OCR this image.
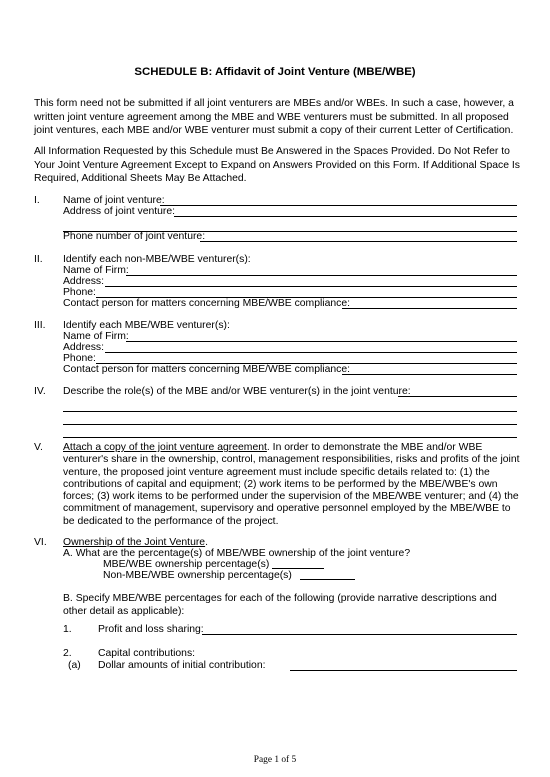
SCHEDULE B: Affidavit of Joint Venture (MBE/WBE)
This form need not be submitted if all joint venturers are MBEs and/or WBEs. In such a case, however, a written joint venture agreement among the MBE and WBE venturers must be submitted. In all proposed joint ventures, each MBE and/or WBE venturer must submit a copy of their current Letter of Certification.
All Information Requested by this Schedule must Be Answered in the Spaces Provided. Do Not Refer to Your Joint Venture Agreement Except to Expand on Answers Provided on this Form. If Additional Space Is Required, Additional Sheets May Be Attached.
I. Name of joint venture:
Address of joint venture:
Phone number of joint venture:
II. Identify each non-MBE/WBE venturer(s):
Name of Firm:
Address:
Phone:
Contact person for matters concerning MBE/WBE compliance:
III. Identify each MBE/WBE venturer(s):
Name of Firm:
Address:
Phone:
Contact person for matters concerning MBE/WBE compliance:
IV. Describe the role(s) of the MBE and/or WBE venturer(s) in the joint venture:
V. Attach a copy of the joint venture agreement. In order to demonstrate the MBE and/or WBE venturer's share in the ownership, control, management responsibilities, risks and profits of the joint venture, the proposed joint venture agreement must include specific details related to: (1) the contributions of capital and equipment; (2) work items to be performed by the MBE/WBE's own forces; (3) work items to be performed under the supervision of the MBE/WBE venturer; and (4) the commitment of management, supervisory and operative personnel employed by the MBE/WBE to be dedicated to the performance of the project.
VI. Ownership of the Joint Venture.
A. What are the percentage(s) of MBE/WBE ownership of the joint venture?
MBE/WBE ownership percentage(s)
Non-MBE/WBE ownership percentage(s)
B. Specify MBE/WBE percentages for each of the following (provide narrative descriptions and other detail as applicable):
1.	Profit and loss sharing:
2.	Capital contributions:
(a) Dollar amounts of initial contribution:
Page 1 of 5
